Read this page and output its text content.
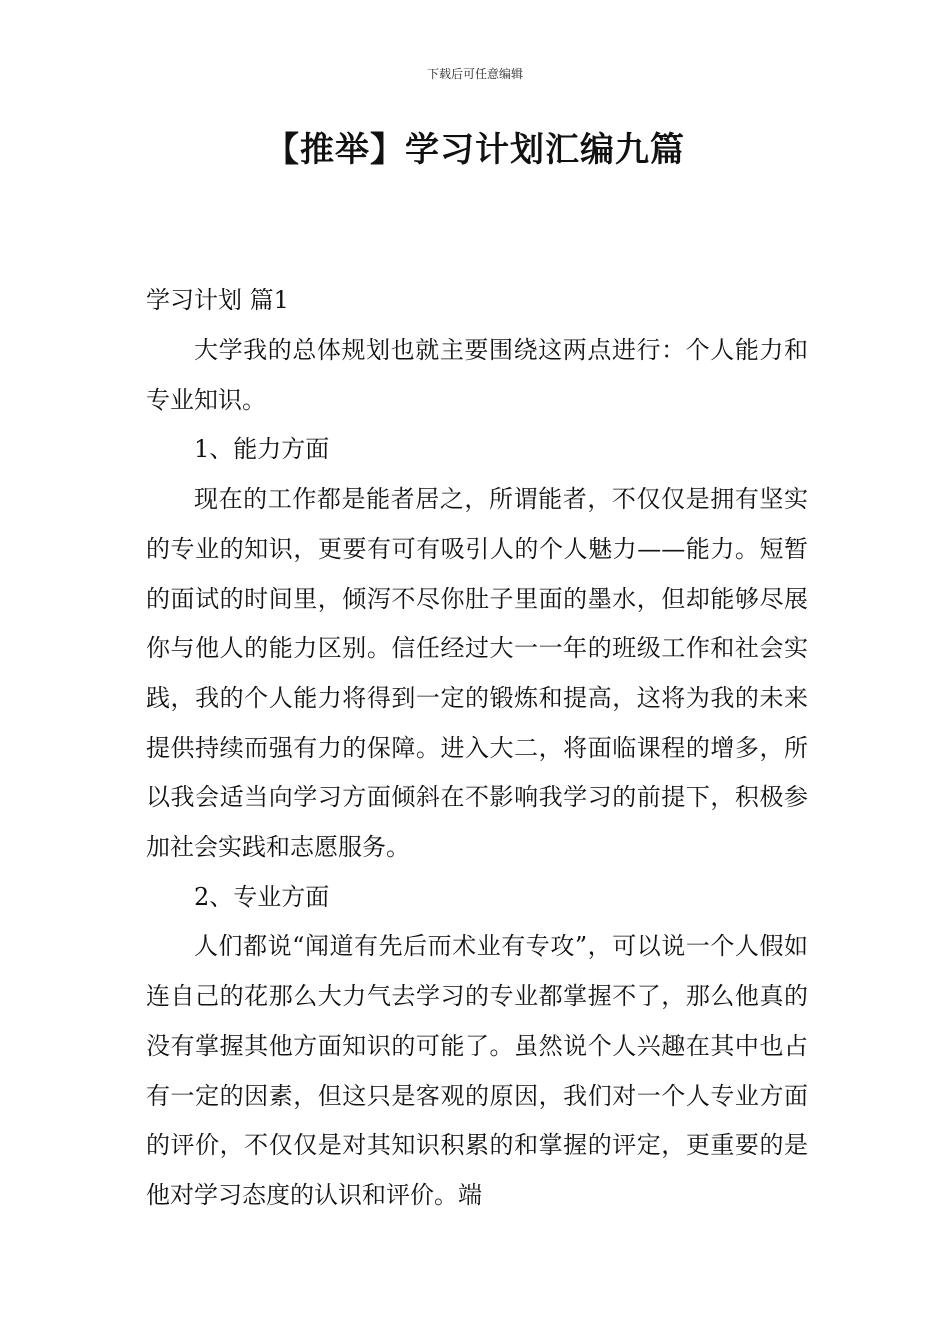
下载后可任意编辑
【推举】学习计划汇编九篇
学习计划 篇1

大学我的总体规划也就主要围绕这两点进行：个人能力和专业知识。

1、能力方面

现在的工作都是能者居之，所谓能者，不仅仅是拥有坚实的专业的知识，更要有可有吸引人的个人魅力——能力。短暂的面试的时间里，倾泻不尽你肚子里面的墨水，但却能够尽展你与他人的能力区别。信任经过大一一年的班级工作和社会实践，我的个人能力将得到一定的锻炼和提高，这将为我的未来提供持续而强有力的保障。进入大二，将面临课程的增多，所以我会适当向学习方面倾斜在不影响我学习的前提下，积极参加社会实践和志愿服务。

2、专业方面

人们都说“闻道有先后而术业有专攻”，可以说一个人假如连自己的花那么大力气去学习的专业都掌握不了，那么他真的没有掌握其他方面知识的可能了。虽然说个人兴趣在其中也占有一定的因素，但这只是客观的原因，我们对一个人专业方面的评价，不仅仅是对其知识积累的和掌握的评定，更重要的是他对学习态度的认识和评价。端
